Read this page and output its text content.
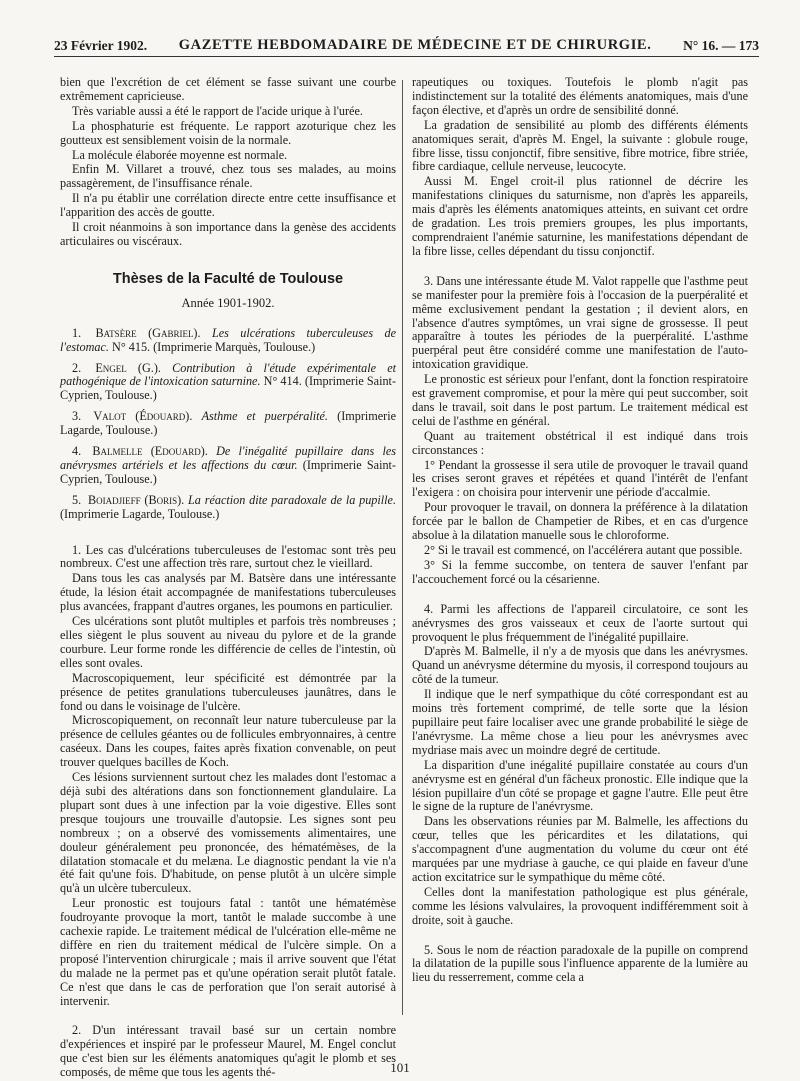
23 Février 1902. GAZETTE HEBDOMADAIRE DE MÉDECINE ET DE CHIRURGIE. N° 16. — 173

bien que l'excrétion de cet élément se fasse suivant une courbe extrêmement capricieuse.

Très variable aussi a été le rapport de l'acide urique à l'urée.

La phosphaturie est fréquente. Le rapport azoturique chez les goutteux est sensiblement voisin de la normale.

La molécule élaborée moyenne est normale.

Enfin M. Villaret a trouvé, chez tous ses malades, au moins passagèrement, de l'insuffisance rénale.

Il n'a pu établir une corrélation directe entre cette insuffisance et l'apparition des accès de goutte.

Il croit néanmoins à son importance dans la genèse des accidents articulaires ou viscéraux.

Thèses de la Faculté de Toulouse
Année 1901-1902.

1. Batsère (Gabriel). Les ulcérations tuberculeuses de l'estomac. N° 415. (Imprimerie Marquès, Toulouse.)

2. Engel (G.). Contribution à l'étude expérimentale et pathogénique de l'intoxication saturnine. N° 414. (Imprimerie Saint-Cyprien, Toulouse.)

3. Valot (Édouard). Asthme et puerpéralité. (Imprimerie Lagarde, Toulouse.)

4. Balmelle (Edouard). De l'inégalité pupillaire dans les anévrysmes artériels et les affections du cœur. (Imprimerie Saint-Cyprien, Toulouse.)

5. Boiadjieff (Boris). La réaction dite paradoxale de la pupille. (Imprimerie Lagarde, Toulouse.)

1. Les cas d'ulcérations tuberculeuses de l'estomac sont très peu nombreux. C'est une affection très rare, surtout chez le vieillard.

Dans tous les cas analysés par M. Batsère dans une intéressante étude, la lésion était accompagnée de manifestations tuberculeuses plus avancées, frappant d'autres organes, les poumons en particulier.

Ces ulcérations sont plutôt multiples et parfois très nombreuses ; elles siègent le plus souvent au niveau du pylore et de la grande courbure. Leur forme ronde les différencie de celles de l'intestin, où elles sont ovales.

Macroscopiquement, leur spécificité est démontrée par la présence de petites granulations tuberculeuses jaunâtres, dans le fond ou dans le voisinage de l'ulcère.

Microscopiquement, on reconnaît leur nature tuberculeuse par la présence de cellules géantes ou de follicules embryonnaires, à centre caséeux. Dans les coupes, faites après fixation convenable, on peut trouver quelques bacilles de Koch.

Ces lésions surviennent surtout chez les malades dont l'estomac a déjà subi des altérations dans son fonctionnement glandulaire. La plupart sont dues à une infection par la voie digestive. Elles sont presque toujours une trouvaille d'autopsie. Les signes sont peu nombreux ; on a observé des vomissements alimentaires, une douleur généralement peu prononcée, des hématémèses, de la dilatation stomacale et du melæna. Le diagnostic pendant la vie n'a été fait qu'une fois. D'habitude, on pense plutôt à un ulcère simple qu'à un ulcère tuberculeux.

Leur pronostic est toujours fatal : tantôt une hématémèse foudroyante provoque la mort, tantôt le malade succombe à une cachexie rapide. Le traitement médical de l'ulcération elle-même ne diffère en rien du traitement médical de l'ulcère simple. On a proposé l'intervention chirurgicale ; mais il arrive souvent que l'état du malade ne la permet pas et qu'une opération serait plutôt fatale. Ce n'est que dans le cas de perforation que l'on serait autorisé à intervenir.

2. D'un intéressant travail basé sur un certain nombre d'expériences et inspiré par le professeur Maurel, M. Engel conclut que c'est bien sur les éléments anatomiques qu'agit le plomb et ses composés, de même que tous les agents thé-

rapeutiques ou toxiques. Toutefois le plomb n'agit pas indistinctement sur la totalité des éléments anatomiques, mais d'une façon élective, et d'après un ordre de sensibilité donné.

La gradation de sensibilité au plomb des différents éléments anatomiques serait, d'après M. Engel, la suivante : globule rouge, fibre lisse, tissu conjonctif, fibre sensitive, fibre motrice, fibre striée, fibre cardiaque, cellule nerveuse, leucocyte.

Aussi M. Engel croit-il plus rationnel de décrire les manifestations cliniques du saturnisme, non d'après les appareils, mais d'après les éléments anatomiques atteints, en suivant cet ordre de gradation. Les trois premiers groupes, les plus importants, comprendraient l'anémie saturnine, les manifestations dépendant de la fibre lisse, celles dépendant du tissu conjonctif.

3. Dans une intéressante étude M. Valot rappelle que l'asthme peut se manifester pour la première fois à l'occasion de la puerpéralité et même exclusivement pendant la gestation ; il devient alors, en l'absence d'autres symptômes, un vrai signe de grossesse. Il peut apparaître à toutes les périodes de la puerpéralité. L'asthme puerpéral peut être considéré comme une manifestation de l'auto-intoxication gravidique.

Le pronostic est sérieux pour l'enfant, dont la fonction respiratoire est gravement compromise, et pour la mère qui peut succomber, soit dans le travail, soit dans le post partum. Le traitement médical est celui de l'asthme en général.

Quant au traitement obstétrical il est indiqué dans trois circonstances :

1° Pendant la grossesse il sera utile de provoquer le travail quand les crises seront graves et répétées et quand l'intérêt de l'enfant l'exigera : on choisira pour intervenir une période d'accalmie.

Pour provoquer le travail, on donnera la préférence à la dilatation forcée par le ballon de Champetier de Ribes, et en cas d'urgence absolue à la dilatation manuelle sous le chloroforme.

2° Si le travail est commencé, on l'accélérera autant que possible.

3° Si la femme succombe, on tentera de sauver l'enfant par l'accouchement forcé ou la césarienne.

4. Parmi les affections de l'appareil circulatoire, ce sont les anévrysmes des gros vaisseaux et ceux de l'aorte surtout qui provoquent le plus fréquemment de l'inégalité pupillaire.

D'après M. Balmelle, il n'y a de myosis que dans les anévrysmes. Quand un anévrysme détermine du myosis, il correspond toujours au côté de la tumeur.

Il indique que le nerf sympathique du côté correspondant est au moins très fortement comprimé, de telle sorte que la lésion pupillaire peut faire localiser avec une grande probabilité le siège de l'anévrysme. La même chose a lieu pour les anévrysmes avec mydriase mais avec un moindre degré de certitude.

La disparition d'une inégalité pupillaire constatée au cours d'un anévrysme est en général d'un fâcheux pronostic. Elle indique que la lésion pupillaire d'un côté se propage et gagne l'autre. Elle peut être le signe de la rupture de l'anévrysme.

Dans les observations réunies par M. Balmelle, les affections du cœur, telles que les péricardites et les dilatations, qui s'accompagnent d'une augmentation du volume du cœur ont été marquées par une mydriase à gauche, ce qui plaide en faveur d'une action excitatrice sur le sympathique du même côté.

Celles dont la manifestation pathologique est plus générale, comme les lésions valvulaires, la provoquent indifféremment soit à droite, soit à gauche.

5. Sous le nom de réaction paradoxale de la pupille on comprend la dilatation de la pupille sous l'influence apparente de la lumière au lieu du resserrement, comme cela a

101
